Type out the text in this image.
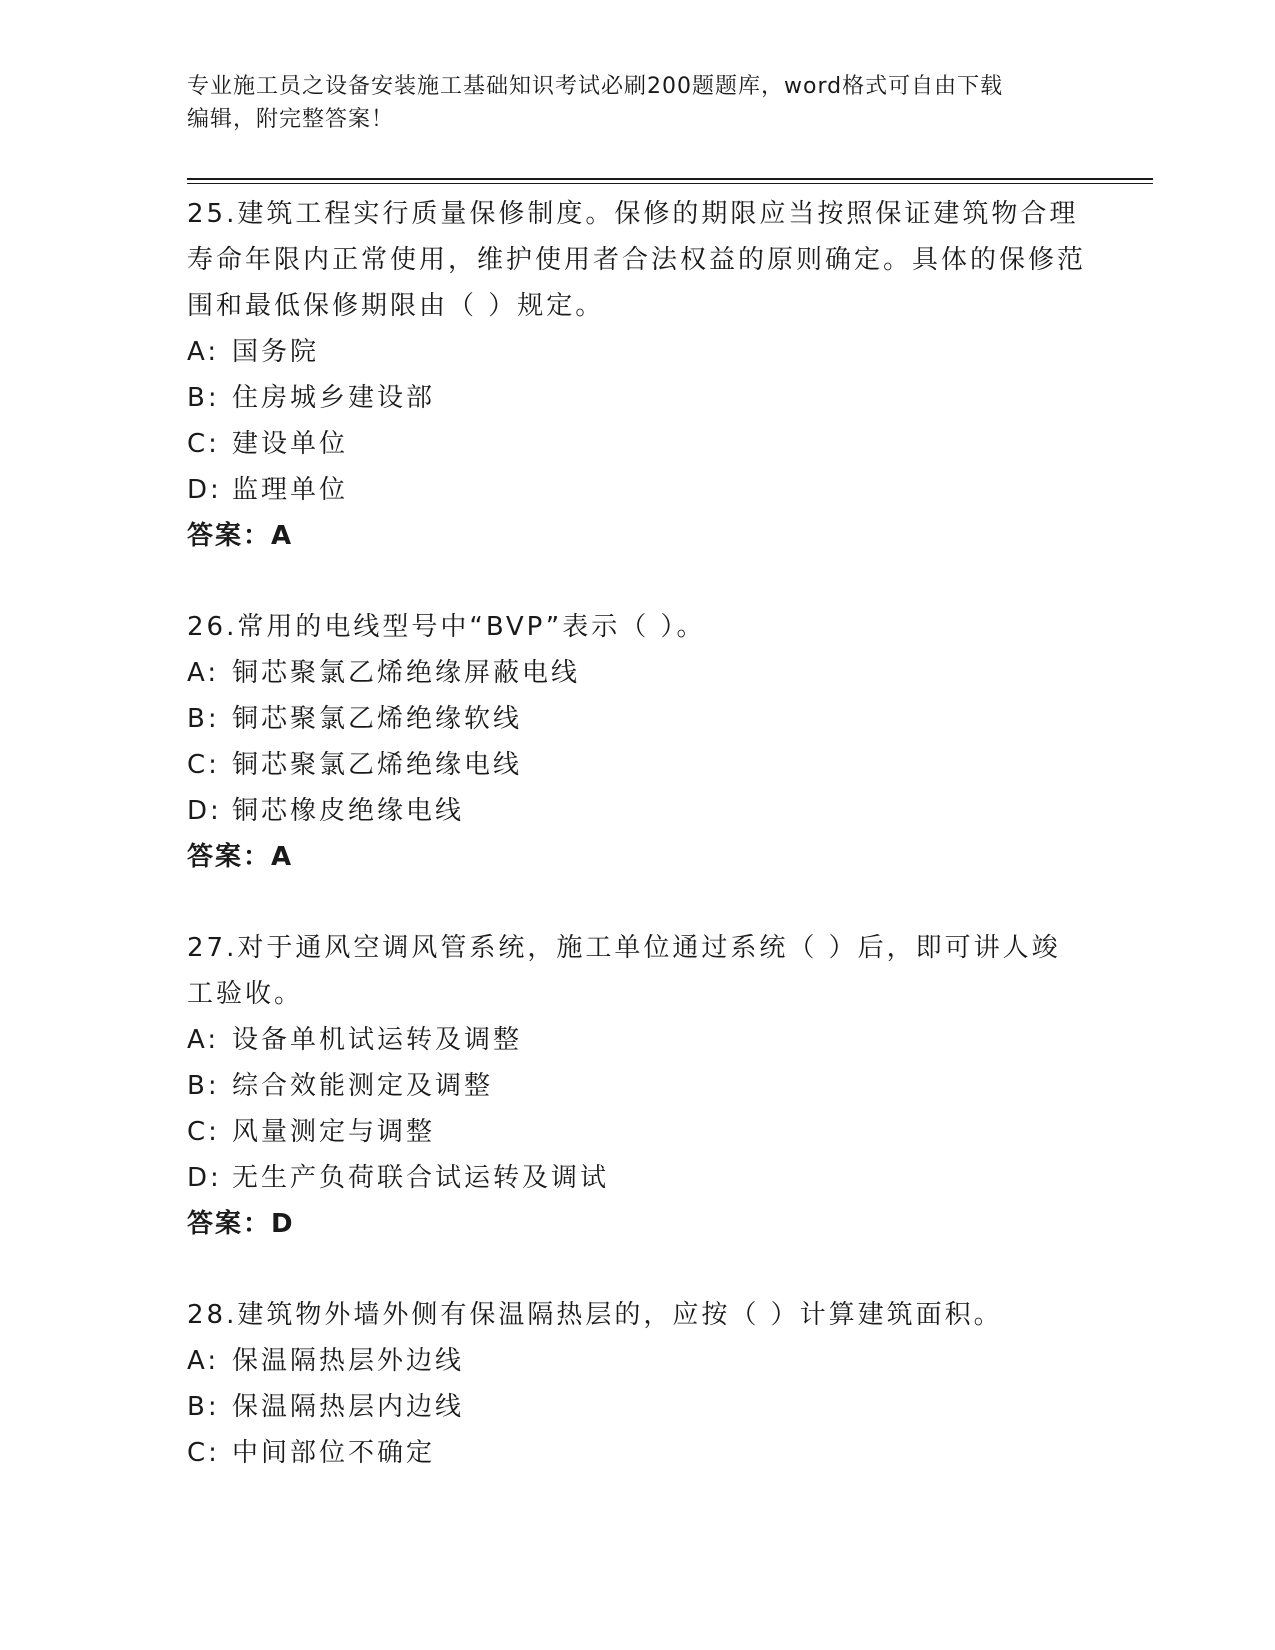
专业施工员之设备安装施工基础知识考试必刷200题题库，word格式可自由下载
编辑，附完整答案！
25.建筑工程实行质量保修制度。保修的期限应当按照保证建筑物合理寿命年限内正常使用，维护使用者合法权益的原则确定。具体的保修范围和最低保修期限由（ ）规定。
A: 国务院
B: 住房城乡建设部
C: 建设单位
D: 监理单位
答案：A
26.常用的电线型号中“BVP”表示（ ）。
A: 铜芯聚氯乙烯绝缘屏蔽电线
B: 铜芯聚氯乙烯绝缘软线
C: 铜芯聚氯乙烯绝缘电线
D: 铜芯橡皮绝缘电线
答案：A
27.对于通风空调风管系统，施工单位通过系统（ ）后，即可讲人竣工验收。
A: 设备单机试运转及调整
B: 综合效能测定及调整
C: 风量测定与调整
D: 无生产负荷联合试运转及调试
答案：D
28.建筑物外墙外侧有保温隔热层的，应按（ ）计算建筑面积。
A: 保温隔热层外边线
B: 保温隔热层内边线
C: 中间部位不确定
